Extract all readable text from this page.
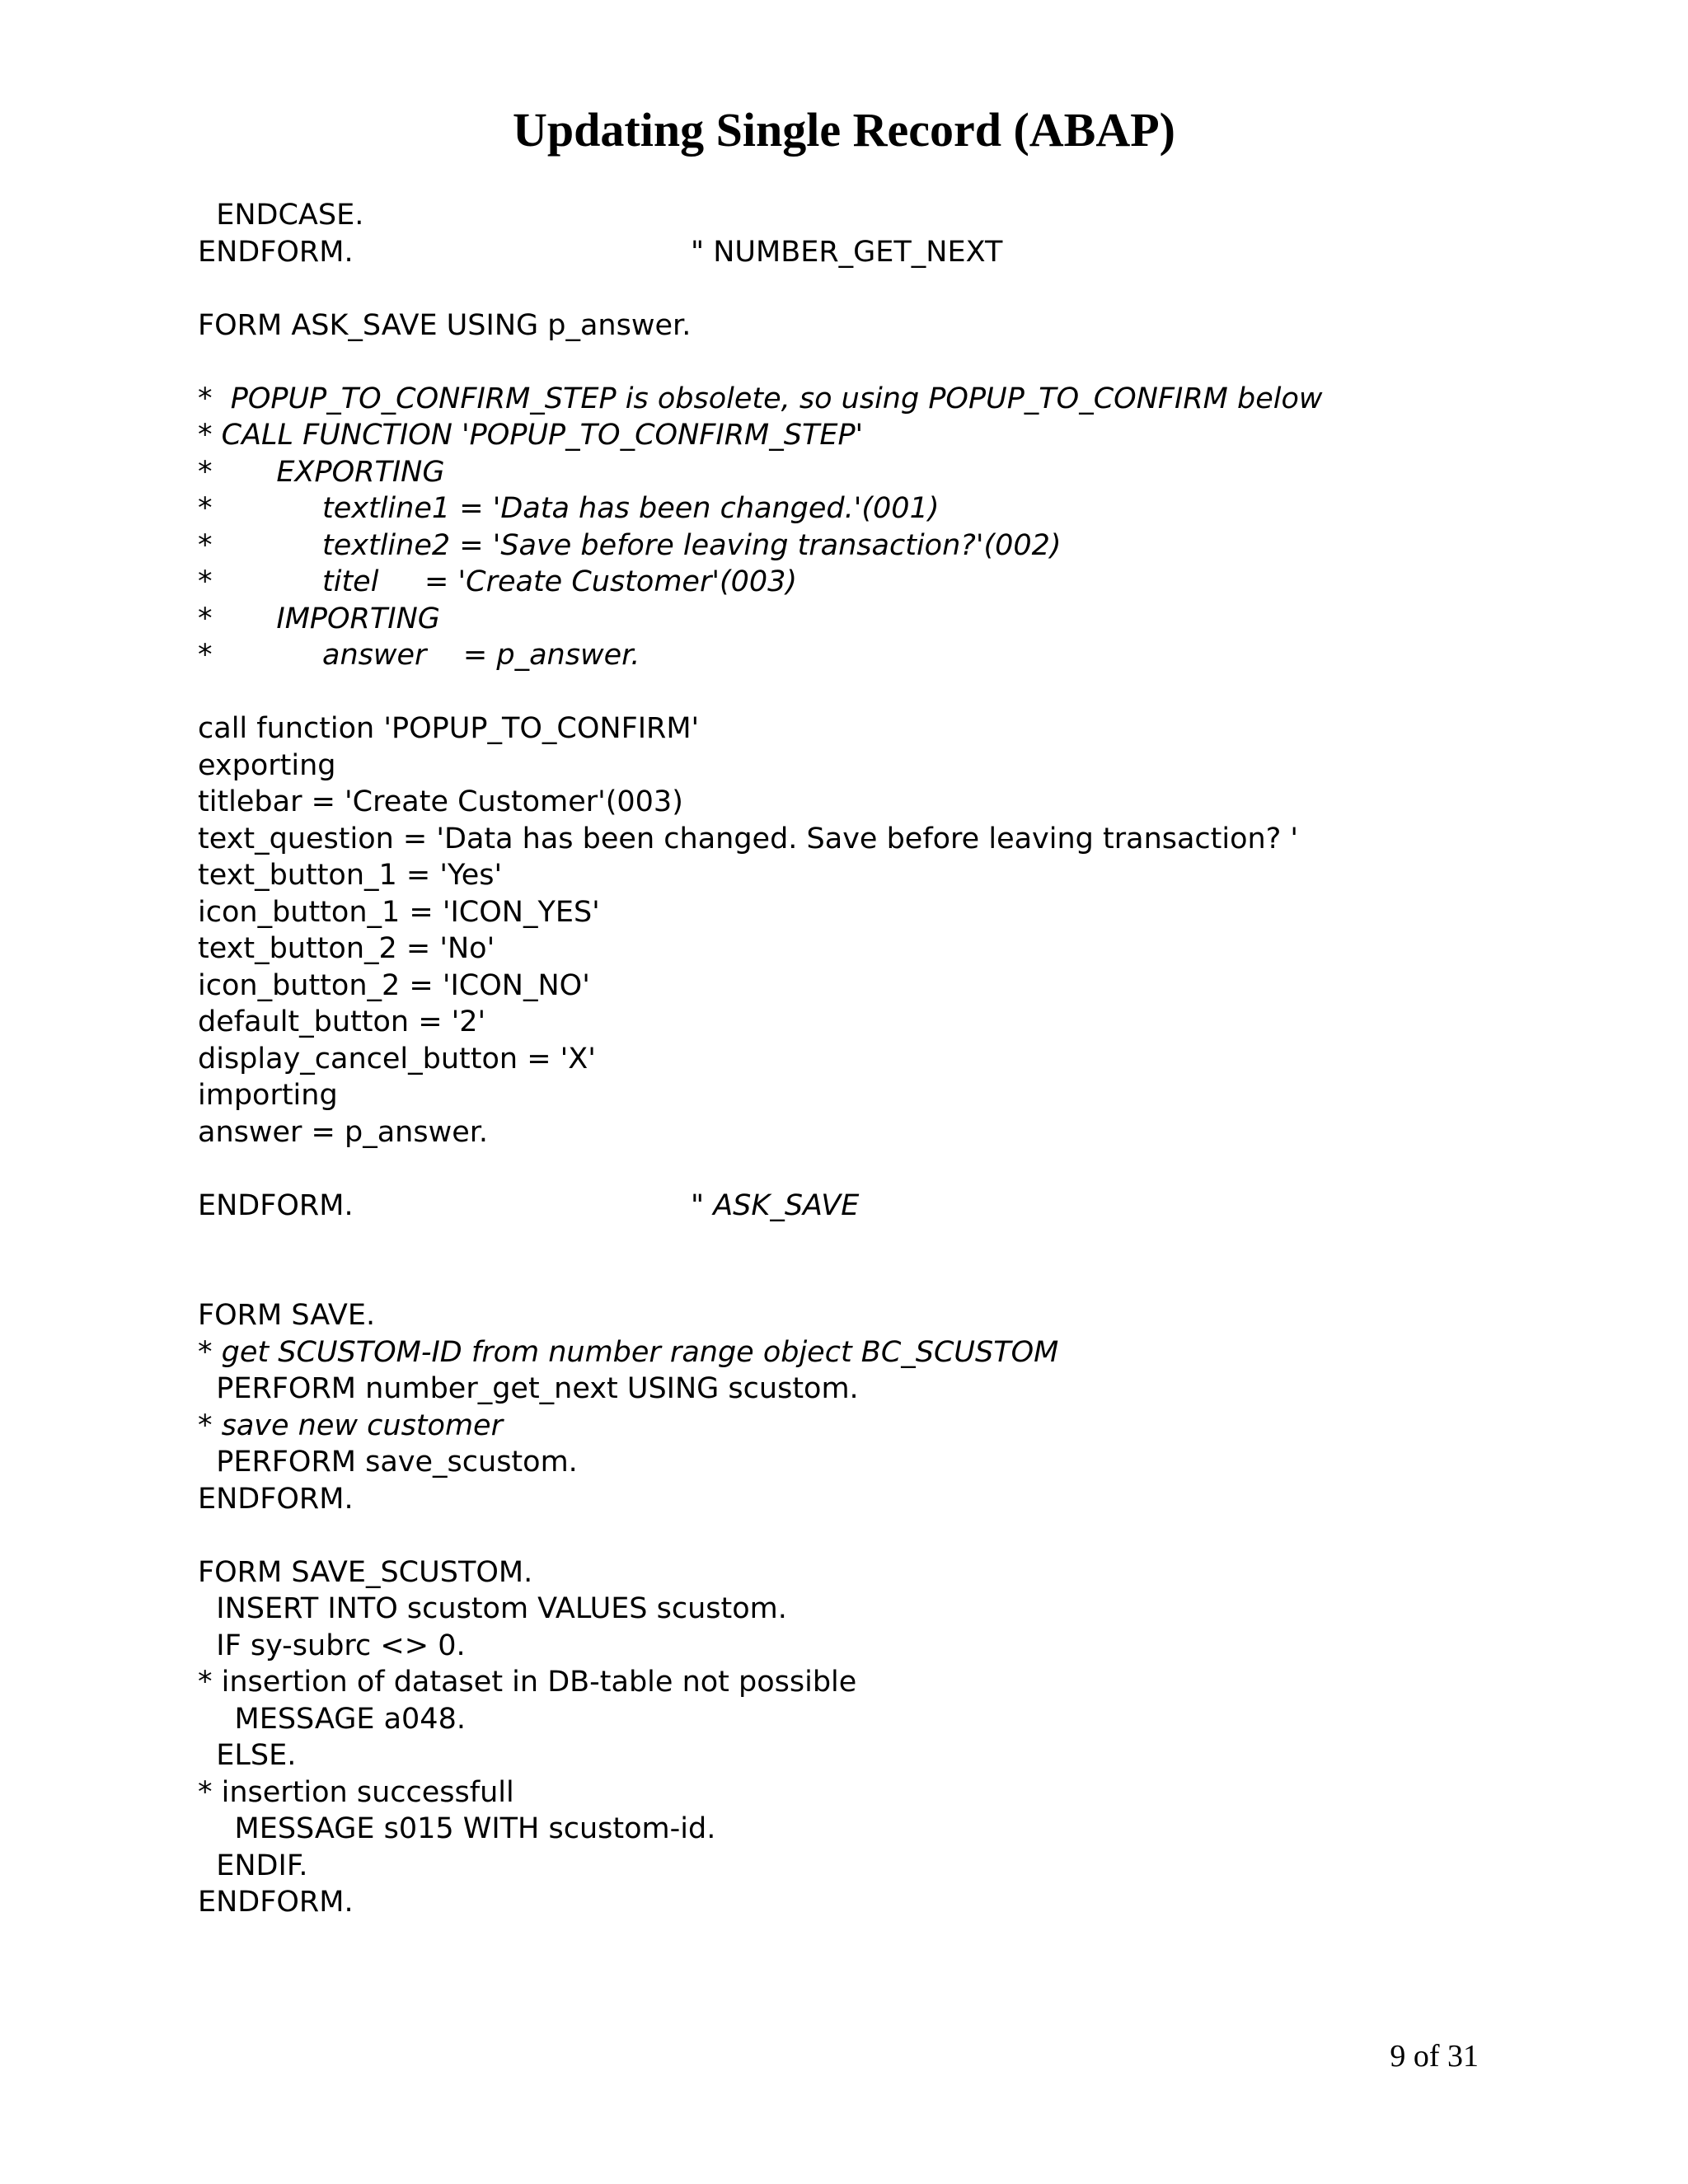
Updating Single Record (ABAP)
ENDCASE.
ENDFORM.	" NUMBER_GET_NEXT
FORM ASK_SAVE USING p_answer.
*  POPUP_TO_CONFIRM_STEP is obsolete, so using POPUP_TO_CONFIRM below
* CALL FUNCTION 'POPUP_TO_CONFIRM_STEP'
*       EXPORTING
*            textline1 = 'Data has been changed.'(001)
*            textline2 = 'Save before leaving transaction?'(002)
*            titel     = 'Create Customer'(003)
*       IMPORTING
*            answer    = p_answer.
call function 'POPUP_TO_CONFIRM'
exporting
titlebar = 'Create Customer'(003)
text_question = 'Data has been changed. Save before leaving transaction? '
text_button_1 = 'Yes'
icon_button_1 = 'ICON_YES'
text_button_2 = 'No'
icon_button_2 = 'ICON_NO'
default_button = '2'
display_cancel_button = 'X'
importing
answer = p_answer.
ENDFORM.	" ASK_SAVE
FORM SAVE.
* get SCUSTOM-ID from number range object BC_SCUSTOM
PERFORM number_get_next USING scustom.
* save new customer
PERFORM save_scustom.
ENDFORM.
FORM SAVE_SCUSTOM.
INSERT INTO scustom VALUES scustom.
IF sy-subrc <> 0.
* insertion of dataset in DB-table not possible
MESSAGE a048.
ELSE.
* insertion successfull
MESSAGE s015 WITH scustom-id.
ENDIF.
ENDFORM.
9 of 31
